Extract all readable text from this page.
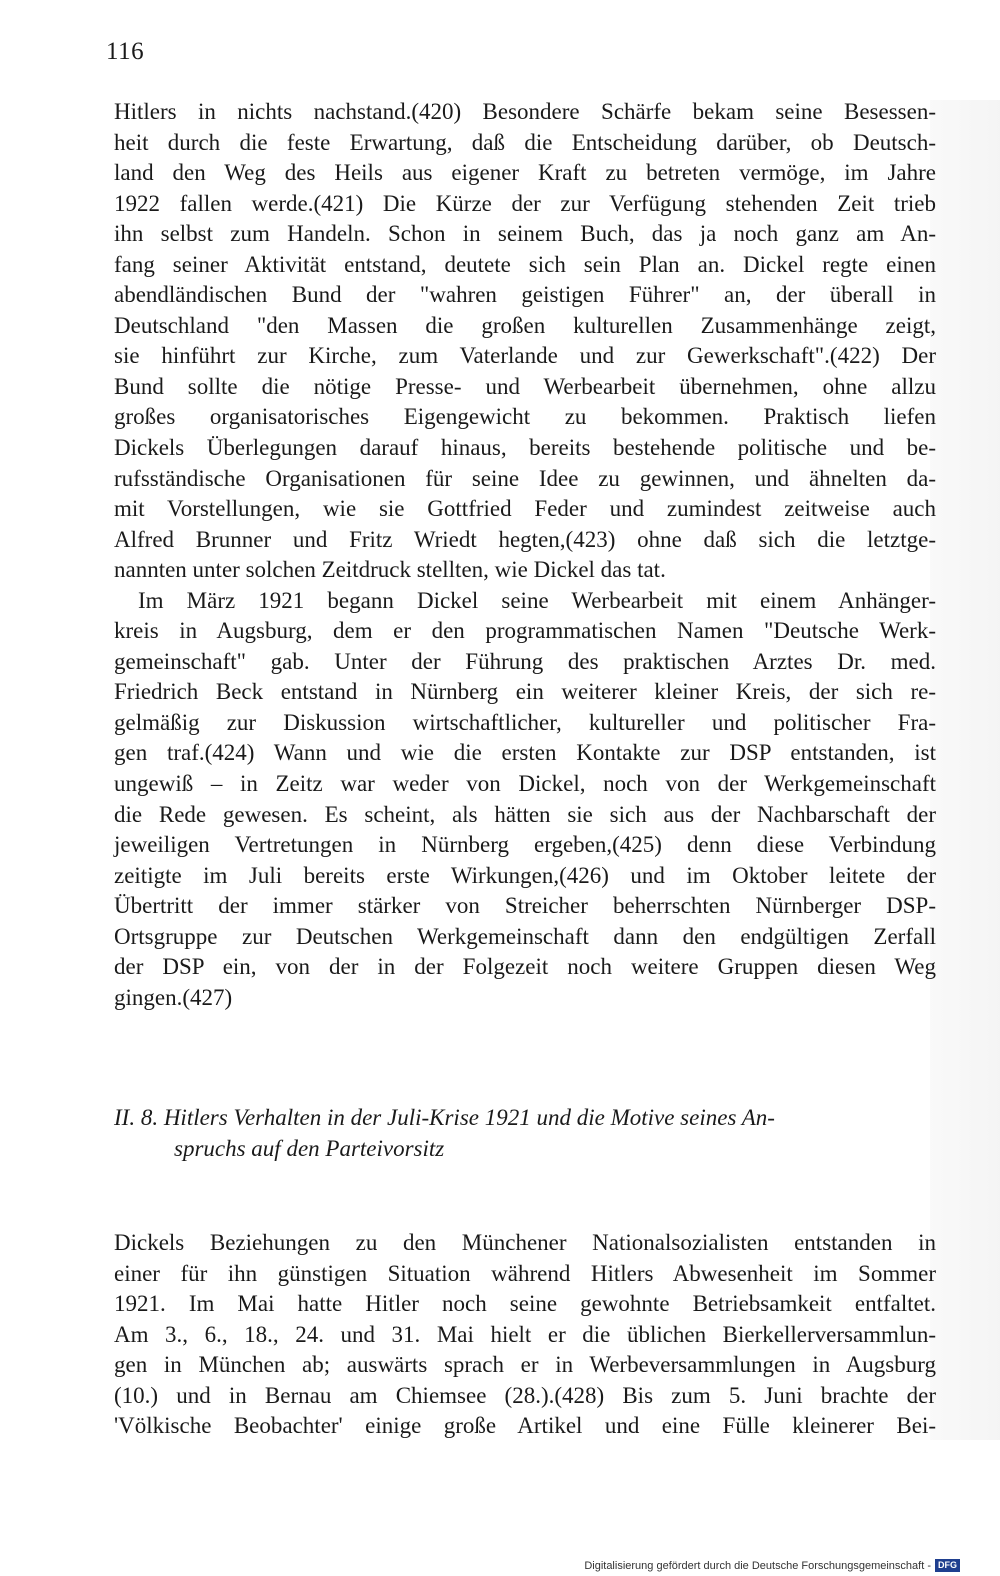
116
Hitlers in nichts nachstand.(420) Besondere Schärfe bekam seine Besessen-
heit durch die feste Erwartung, daß die Entscheidung darüber, ob Deutsch-
land den Weg des Heils aus eigener Kraft zu betreten vermöge, im Jahre
1922 fallen werde.(421) Die Kürze der zur Verfügung stehenden Zeit trieb
ihn selbst zum Handeln. Schon in seinem Buch, das ja noch ganz am An-
fang seiner Aktivität entstand, deutete sich sein Plan an. Dickel regte einen
abendländischen Bund der "wahren geistigen Führer" an, der überall in
Deutschland "den Massen die großen kulturellen Zusammenhänge zeigt,
sie hinführt zur Kirche, zum Vaterlande und zur Gewerkschaft".(422) Der
Bund sollte die nötige Presse- und Werbearbeit übernehmen, ohne allzu
großes organisatorisches Eigengewicht zu bekommen. Praktisch liefen
Dickels Überlegungen darauf hinaus, bereits bestehende politische und be-
rufsständische Organisationen für seine Idee zu gewinnen, und ähnelten da-
mit Vorstellungen, wie sie Gottfried Feder und zumindest zeitweise auch
Alfred Brunner und Fritz Wriedt hegten,(423) ohne daß sich die letztge-
nannten unter solchen Zeitdruck stellten, wie Dickel das tat.
Im März 1921 begann Dickel seine Werbearbeit mit einem Anhänger-
kreis in Augsburg, dem er den programmatischen Namen "Deutsche Werk-
gemeinschaft" gab. Unter der Führung des praktischen Arztes Dr. med.
Friedrich Beck entstand in Nürnberg ein weiterer kleiner Kreis, der sich re-
gelmäßig zur Diskussion wirtschaftlicher, kultureller und politischer Fra-
gen traf.(424) Wann und wie die ersten Kontakte zur DSP entstanden, ist
ungewiß – in Zeitz war weder von Dickel, noch von der Werkgemeinschaft
die Rede gewesen. Es scheint, als hätten sie sich aus der Nachbarschaft der
jeweiligen Vertretungen in Nürnberg ergeben,(425) denn diese Verbindung
zeitigte im Juli bereits erste Wirkungen,(426) und im Oktober leitete der
Übertritt der immer stärker von Streicher beherrschten Nürnberger DSP-
Ortsgruppe zur Deutschen Werkgemeinschaft dann den endgültigen Zerfall
der DSP ein, von der in der Folgezeit noch weitere Gruppen diesen Weg
gingen.(427)
II. 8. Hitlers Verhalten in der Juli-Krise 1921 und die Motive seines An-
spruchs auf den Parteivorsitz
Dickels Beziehungen zu den Münchener Nationalsozialisten entstanden in
einer für ihn günstigen Situation während Hitlers Abwesenheit im Sommer
1921. Im Mai hatte Hitler noch seine gewohnte Betriebsamkeit entfaltet.
Am 3., 6., 18., 24. und 31. Mai hielt er die üblichen Bierkellerversammlun-
gen in München ab; auswärts sprach er in Werbeversammlungen in Augsburg
(10.) und in Bernau am Chiemsee (28.).(428) Bis zum 5. Juni brachte der
'Völkische Beobachter' einige große Artikel und eine Fülle kleinerer Bei-
Digitalisierung gefördert durch die Deutsche Forschungsgemeinschaft - DFG
